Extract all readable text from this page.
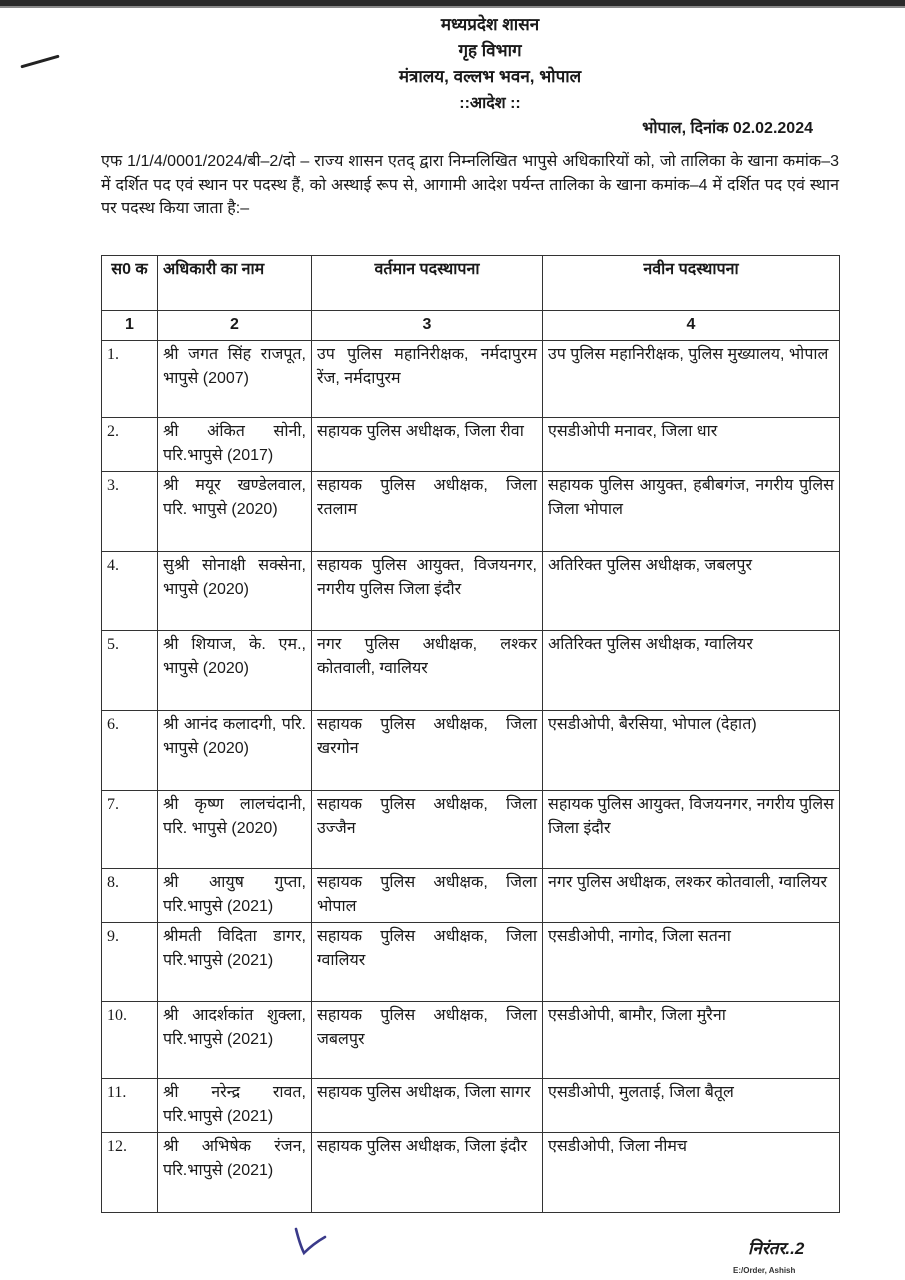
मध्यप्रदेश शासन
गृह विभाग
मंत्रालय, वल्लभ भवन, भोपाल
::आदेश ::
भोपाल, दिनांक 02.02.2024
एफ 1/1/4/0001/2024/बी–2/दो – राज्य शासन एतद् द्वारा निम्नलिखित भापुसे अधिकारियों को, जो तालिका के खाना कमांक–3 में दर्शित पद एवं स्थान पर पदस्थ हैं, को अस्थाई रूप से, आगामी आदेश पर्यन्त तालिका के खाना कमांक–4 में दर्शित पद एवं स्थान पर पदस्थ किया जाता है:–
स0 क	अधिकारी का नाम	वर्तमान पदस्थापना	नवीन पदस्थापना
1	2	3	4
1.	श्री जगत सिंह राजपूत, भापुसे (2007)	उप पुलिस महानिरीक्षक, नर्मदापुरम रेंज, नर्मदापुरम	उप पुलिस महानिरीक्षक, पुलिस मुख्यालय, भोपाल
2.	श्री अंकित सोनी, परि.भापुसे (2017)	सहायक पुलिस अधीक्षक, जिला रीवा	एसडीओपी मनावर, जिला धार
3.	श्री मयूर खण्डेलवाल, परि. भापुसे (2020)	सहायक पुलिस अधीक्षक, जिला रतलाम	सहायक पुलिस आयुक्त, हबीबगंज, नगरीय पुलिस जिला भोपाल
4.	सुश्री सोनाक्षी सक्सेना, भापुसे (2020)	सहायक पुलिस आयुक्त, विजयनगर, नगरीय पुलिस जिला इंदौर	अतिरिक्त पुलिस अधीक्षक, जबलपुर
5.	श्री शियाज, के. एम., भापुसे (2020)	नगर पुलिस अधीक्षक, लश्कर कोतवाली, ग्वालियर	अतिरिक्त पुलिस अधीक्षक, ग्वालियर
6.	श्री आनंद कलादगी, परि. भापुसे (2020)	सहायक पुलिस अधीक्षक, जिला खरगोन	एसडीओपी, बैरसिया, भोपाल (देहात)
7.	श्री कृष्ण लालचंदानी, परि. भापुसे (2020)	सहायक पुलिस अधीक्षक, जिला उज्जैन	सहायक पुलिस आयुक्त, विजयनगर, नगरीय पुलिस जिला इंदौर
8.	श्री आयुष गुप्ता, परि.भापुसे (2021)	सहायक पुलिस अधीक्षक, जिला भोपाल	नगर पुलिस अधीक्षक, लश्कर कोतवाली, ग्वालियर
9.	श्रीमती विदिता डागर, परि.भापुसे (2021)	सहायक पुलिस अधीक्षक, जिला ग्वालियर	एसडीओपी, नागोद, जिला सतना
10.	श्री आदर्शकांत शुक्ला, परि.भापुसे (2021)	सहायक पुलिस अधीक्षक, जिला जबलपुर	एसडीओपी, बामौर, जिला मुरैना
11.	श्री नरेन्द्र रावत, परि.भापुसे (2021)	सहायक पुलिस अधीक्षक, जिला सागर	एसडीओपी, मुलताई, जिला बैतूल
12.	श्री अभिषेक रंजन, परि.भापुसे (2021)	सहायक पुलिस अधीक्षक, जिला इंदौर	एसडीओपी, जिला नीमच
निरंतर..2
E:/Order, Ashish
